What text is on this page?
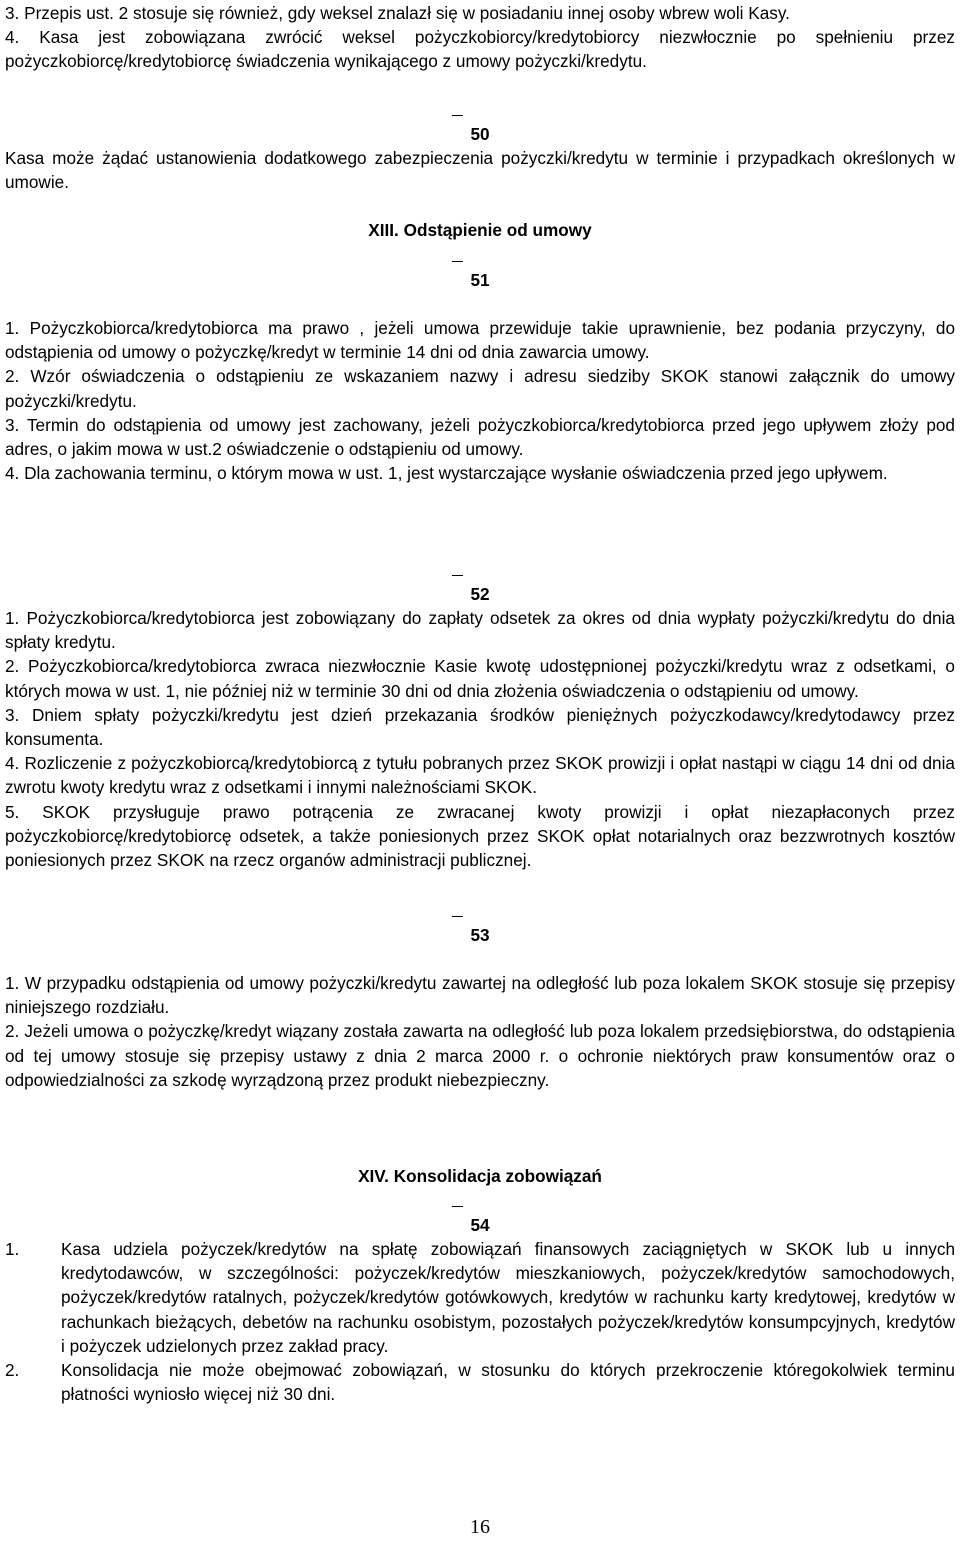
3. Przepis ust. 2 stosuje się również, gdy weksel znalazł się w posiadaniu innej osoby wbrew woli Kasy.

4. Kasa jest zobowiązana zwrócić weksel pożyczkobiorcy/kredytobiorcy niezwłocznie po spełnieniu przez pożyczkobiorcę/kredytobiorcę świadczenia wynikającego z umowy pożyczki/kredytu.

50

Kasa może żądać ustanowienia dodatkowego zabezpieczenia pożyczki/kredytu w terminie i przypadkach określonych w umowie.

XIII. Odstąpienie od umowy
51

1. Pożyczkobiorca/kredytobiorca ma prawo , jeżeli umowa przewiduje takie uprawnienie, bez podania przyczyny, do odstąpienia od umowy o pożyczkę/kredyt w terminie 14 dni od dnia zawarcia umowy.

2. Wzór oświadczenia o odstąpieniu ze wskazaniem nazwy i adresu siedziby SKOK stanowi załącznik do umowy pożyczki/kredytu.

3. Termin do odstąpienia od umowy jest zachowany, jeżeli pożyczkobiorca/kredytobiorca przed jego upływem złoży pod adres, o jakim mowa w ust.2 oświadczenie o odstąpieniu od umowy.

4. Dla zachowania terminu, o którym mowa w ust. 1, jest wystarczające wysłanie oświadczenia przed jego upływem.

52

1. Pożyczkobiorca/kredytobiorca jest zobowiązany do zapłaty odsetek za okres od dnia wypłaty pożyczki/kredytu do dnia spłaty kredytu.

2. Pożyczkobiorca/kredytobiorca zwraca niezwłocznie Kasie kwotę udostępnionej pożyczki/kredytu wraz z odsetkami, o których mowa w ust. 1, nie później niż w terminie 30 dni od dnia złożenia oświadczenia o odstąpieniu od umowy.

3. Dniem spłaty pożyczki/kredytu jest dzień przekazania środków pieniężnych pożyczkodawcy/kredytodawcy przez konsumenta.

4. Rozliczenie z pożyczkobiorcą/kredytobiorcą z tytułu pobranych przez SKOK prowizji i opłat nastąpi w ciągu 14 dni od dnia zwrotu kwoty kredytu wraz z odsetkami i innymi należnościami SKOK.

5. SKOK przysługuje prawo potrącenia ze zwracanej kwoty prowizji i opłat niezapłaconych przez pożyczkobiorcę/kredytobiorcę odsetek, a także poniesionych przez SKOK opłat notarialnych oraz bezzwrotnych kosztów poniesionych przez SKOK na rzecz organów administracji publicznej.

53

1. W przypadku odstąpienia od umowy pożyczki/kredytu zawartej na odległość lub poza lokalem SKOK stosuje się przepisy niniejszego rozdziału.

2. Jeżeli umowa o pożyczkę/kredyt wiązany została zawarta na odległość lub poza lokalem przedsiębiorstwa, do odstąpienia od tej umowy stosuje się przepisy ustawy z dnia 2 marca 2000 r. o ochronie niektórych praw konsumentów oraz o odpowiedzialności za szkodę wyrządzoną przez produkt niebezpieczny.

XIV. Konsolidacja zobowiązań
54
1.	Kasa udziela pożyczek/kredytów na spłatę zobowiązań finansowych zaciągniętych w SKOK lub u innych kredytodawców, w szczególności: pożyczek/kredytów mieszkaniowych, pożyczek/kredytów samochodowych, pożyczek/kredytów ratalnych, pożyczek/kredytów gotówkowych, kredytów w rachunku karty kredytowej, kredytów w rachunkach bieżących, debetów na rachunku osobistym, pozostałych pożyczek/kredytów konsumpcyjnych, kredytów i pożyczek udzielonych przez zakład pracy.

2.	Konsolidacja nie może obejmować zobowiązań, w stosunku do których przekroczenie któregokolwiek terminu płatności wyniosło więcej niż 30 dni.

16
